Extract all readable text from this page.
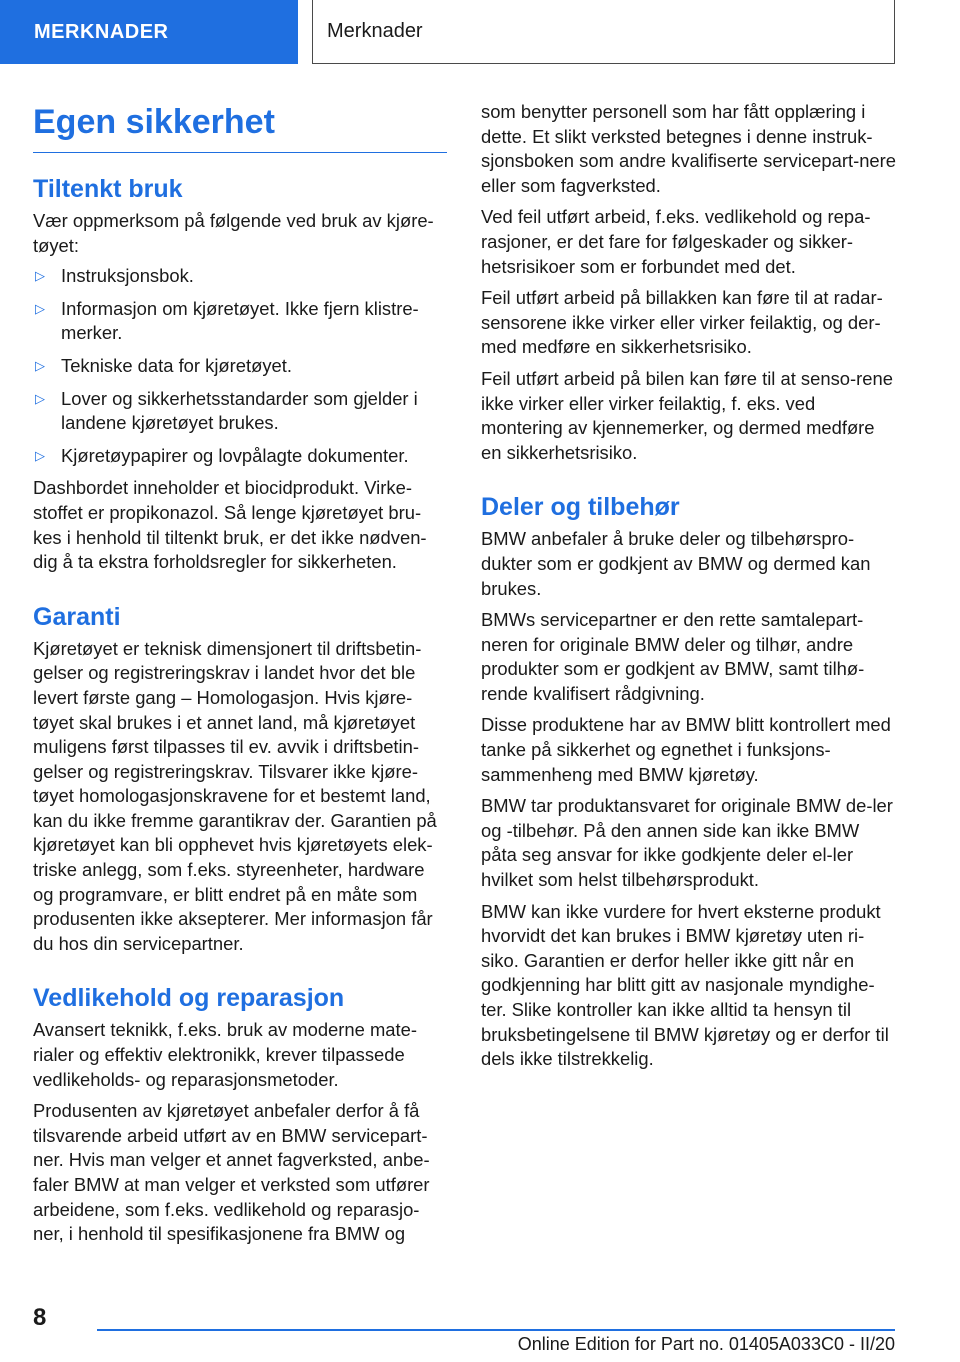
MERKNADER	Merknader
Egen sikkerhet
Tiltenkt bruk

Vær oppmerksom på følgende ved bruk av kjøre-tøyet:

▷ Instruksjonsbok.
▷ Informasjon om kjøretøyet. Ikke fjern klistre-merker.
▷ Tekniske data for kjøretøyet.
▷ Lover og sikkerhetsstandarder som gjelder i landene kjøretøyet brukes.
▷ Kjøretøypapirer og lovpålagte dokumenter.

Dashbordet inneholder et biocidprodukt. Virke-stoffet er propikonazol. Så lenge kjøretøyet bru-kes i henhold til tiltenkt bruk, er det ikke nødven-dig å ta ekstra forholdsregler for sikkerheten.

Garanti

Kjøretøyet er teknisk dimensjonert til driftsbetin-gelser og registreringskrav i landet hvor det ble levert første gang – Homologasjon. Hvis kjøre-tøyet skal brukes i et annet land, må kjøretøyet muligens først tilpasses til ev. avvik i driftsbetin-gelser og registreringskrav. Tilsvarer ikke kjøre-tøyet homologasjonskravene for et bestemt land, kan du ikke fremme garantikrav der. Garantien på kjøretøyet kan bli opphevet hvis kjøretøyets elek-triske anlegg, som f.eks. styreenheter, hardware og programvare, er blitt endret på en måte som produsenten ikke aksepterer. Mer informasjon får du hos din servicepartner.

Vedlikehold og reparasjon

Avansert teknikk, f.eks. bruk av moderne mate-rialer og effektiv elektronikk, krever tilpassede vedlikeholds- og reparasjonsmetoder.

Produsenten av kjøretøyet anbefaler derfor å få tilsvarende arbeid utført av en BMW servicepart-ner. Hvis man velger et annet fagverksted, anbe-faler BMW at man velger et verksted som utfører arbeidene, som f.eks. vedlikehold og reparasjo-ner, i henhold til spesifikasjonene fra BMW og

som benytter personell som har fått opplæring i dette. Et slikt verksted betegnes i denne instruk-sjonsboken som andre kvalifiserte servicepart-nere eller som fagverksted.

Ved feil utført arbeid, f.eks. vedlikehold og repa-rasjoner, er det fare for følgeskader og sikker-hetsrisikoer som er forbundet med det.

Feil utført arbeid på billakken kan føre til at radar-sensorene ikke virker eller virker feilaktig, og der-med medføre en sikkerhetsrisiko.

Feil utført arbeid på bilen kan føre til at senso-rene ikke virker eller virker feilaktig, f. eks. ved montering av kjennemerker, og dermed medføre en sikkerhetsrisiko.

Deler og tilbehør

BMW anbefaler å bruke deler og tilbehørspro-dukter som er godkjent av BMW og dermed kan brukes.

BMWs servicepartner er den rette samtalepart-neren for originale BMW deler og tilhør, andre produkter som er godkjent av BMW, samt tilhø-rende kvalifisert rådgivning.

Disse produktene har av BMW blitt kontrollert med tanke på sikkerhet og egnethet i funksjons-sammenheng med BMW kjøretøy.

BMW tar produktansvaret for originale BMW de-ler og -tilbehør. På den annen side kan ikke BMW påta seg ansvar for ikke godkjente deler el-ler hvilket som helst tilbehørsprodukt.

BMW kan ikke vurdere for hvert eksterne produkt hvorvidt det kan brukes i BMW kjøretøy uten ri-siko. Garantien er derfor heller ikke gitt når en godkjenning har blitt gitt av nasjonale myndighe-ter. Slike kontroller kan ikke alltid ta hensyn til bruksbetingelsene til BMW kjøretøy og er derfor til dels ikke tilstrekkelig.

8
Online Edition for Part no. 01405A033C0 - II/20
